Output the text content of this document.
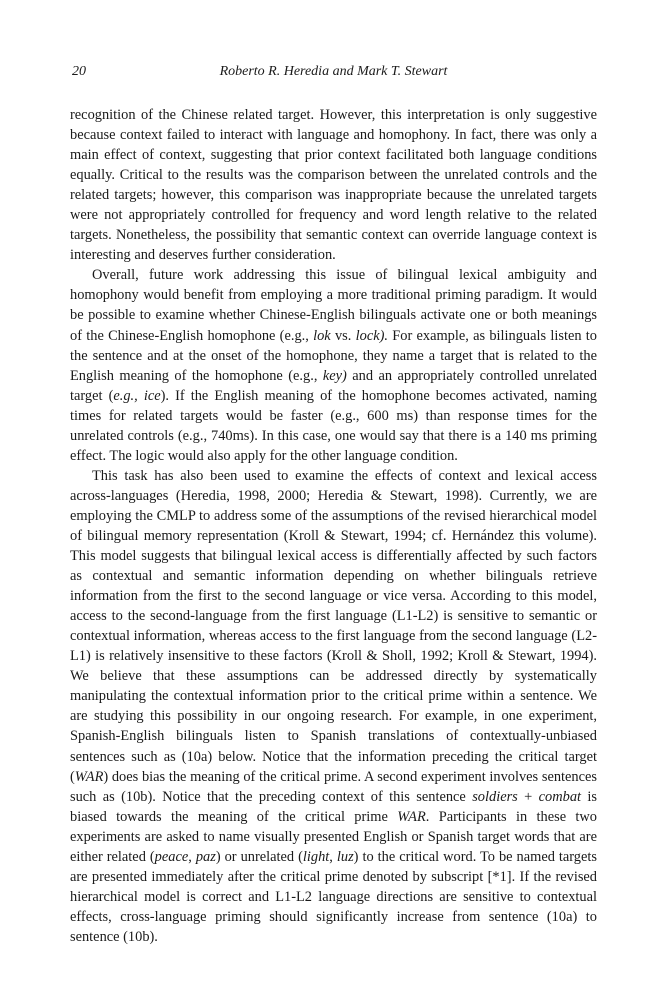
20	Roberto R. Heredia and Mark T. Stewart

recognition of the Chinese related target. However, this interpretation is only suggestive because context failed to interact with language and homophony. In fact, there was only a main effect of context, suggesting that prior context facilitated both language conditions equally. Critical to the results was the comparison between the unrelated controls and the related targets; however, this comparison was inappropriate because the unrelated targets were not appropriately controlled for frequency and word length relative to the related targets. Nonetheless, the possibility that semantic context can override language context is interesting and deserves further consideration.

Overall, future work addressing this issue of bilingual lexical ambiguity and homophony would benefit from employing a more traditional priming paradigm. It would be possible to examine whether Chinese-English bilinguals activate one or both meanings of the Chinese-English homophone (e.g., lok vs. lock). For example, as bilinguals listen to the sentence and at the onset of the homophone, they name a target that is related to the English meaning of the homophone (e.g., key) and an appropriately controlled unrelated target (e.g., ice). If the English meaning of the homophone becomes activated, naming times for related targets would be faster (e.g., 600 ms) than response times for the unrelated controls (e.g., 740ms). In this case, one would say that there is a 140 ms priming effect. The logic would also apply for the other language condition.

This task has also been used to examine the effects of context and lexical access across-languages (Heredia, 1998, 2000; Heredia & Stewart, 1998). Currently, we are employing the CMLP to address some of the assumptions of the revised hierarchical model of bilingual memory representation (Kroll & Stewart, 1994; cf. Hernández this volume). This model suggests that bilingual lexical access is differentially affected by such factors as contextual and semantic information depending on whether bilinguals retrieve information from the first to the second language or vice versa. According to this model, access to the second-language from the first language (L1-L2) is sensitive to semantic or contextual information, whereas access to the first language from the second language (L2-L1) is relatively insensitive to these factors (Kroll & Sholl, 1992; Kroll & Stewart, 1994). We believe that these assumptions can be addressed directly by systematically manipulating the contextual information prior to the critical prime within a sentence. We are studying this possibility in our ongoing research. For example, in one experiment, Spanish-English bilinguals listen to Spanish translations of contextually-unbiased sentences such as (10a) below. Notice that the information preceding the critical target (WAR) does bias the meaning of the critical prime. A second experiment involves sentences such as (10b). Notice that the preceding context of this sentence soldiers + combat is biased towards the meaning of the critical prime WAR. Participants in these two experiments are asked to name visually presented English or Spanish target words that are either related (peace, paz) or unrelated (light, luz) to the critical word. To be named targets are presented immediately after the critical prime denoted by subscript [*1]. If the revised hierarchical model is correct and L1-L2 language directions are sensitive to contextual effects, cross-language priming should significantly increase from sentence (10a) to sentence (10b).
